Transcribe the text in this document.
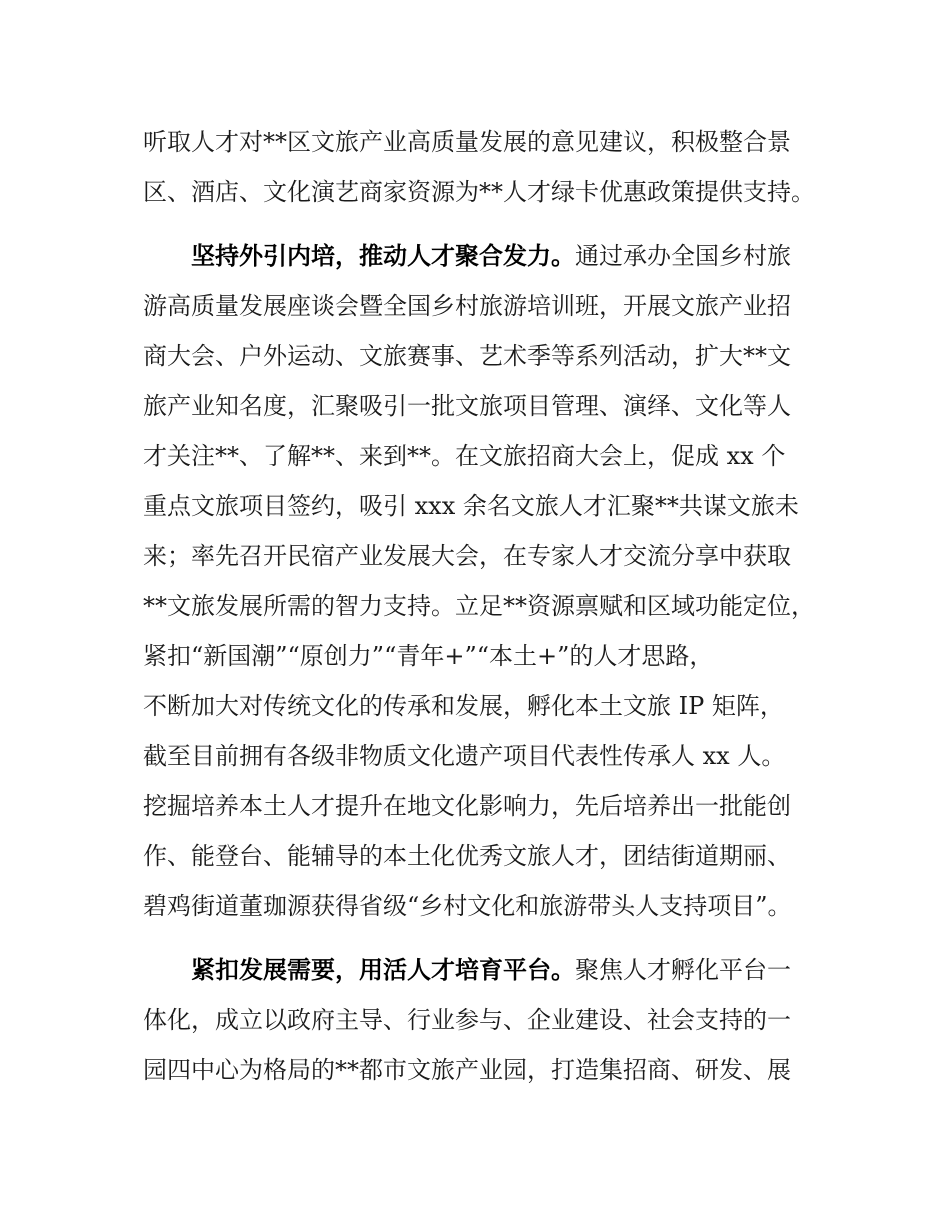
听取人才对**区文旅产业高质量发展的意见建议，积极整合景
区、酒店、文化演艺商家资源为**人才绿卡优惠政策提供支持。
坚持外引内培，推动人才聚合发力。通过承办全国乡村旅
游高质量发展座谈会暨全国乡村旅游培训班，开展文旅产业招
商大会、户外运动、文旅赛事、艺术季等系列活动，扩大**文
旅产业知名度，汇聚吸引一批文旅项目管理、演绎、文化等人
才关注**、了解**、来到**。在文旅招商大会上，促成 xx 个
重点文旅项目签约，吸引 xxx 余名文旅人才汇聚**共谋文旅未
来；率先召开民宿产业发展大会，在专家人才交流分享中获取
**文旅发展所需的智力支持。立足**资源禀赋和区域功能定位，
紧扣“新国潮”“原创力”“青年+”“本土+”的人才思路，
不断加大对传统文化的传承和发展，孵化本土文旅 IP 矩阵，
截至目前拥有各级非物质文化遗产项目代表性传承人 xx 人。
挖掘培养本土人才提升在地文化影响力，先后培养出一批能创
作、能登台、能辅导的本土化优秀文旅人才，团结街道期丽、
碧鸡街道董珈源获得省级“乡村文化和旅游带头人支持项目”。
紧扣发展需要，用活人才培育平台。聚焦人才孵化平台一
体化，成立以政府主导、行业参与、企业建设、社会支持的一
园四中心为格局的**都市文旅产业园，打造集招商、研发、展
